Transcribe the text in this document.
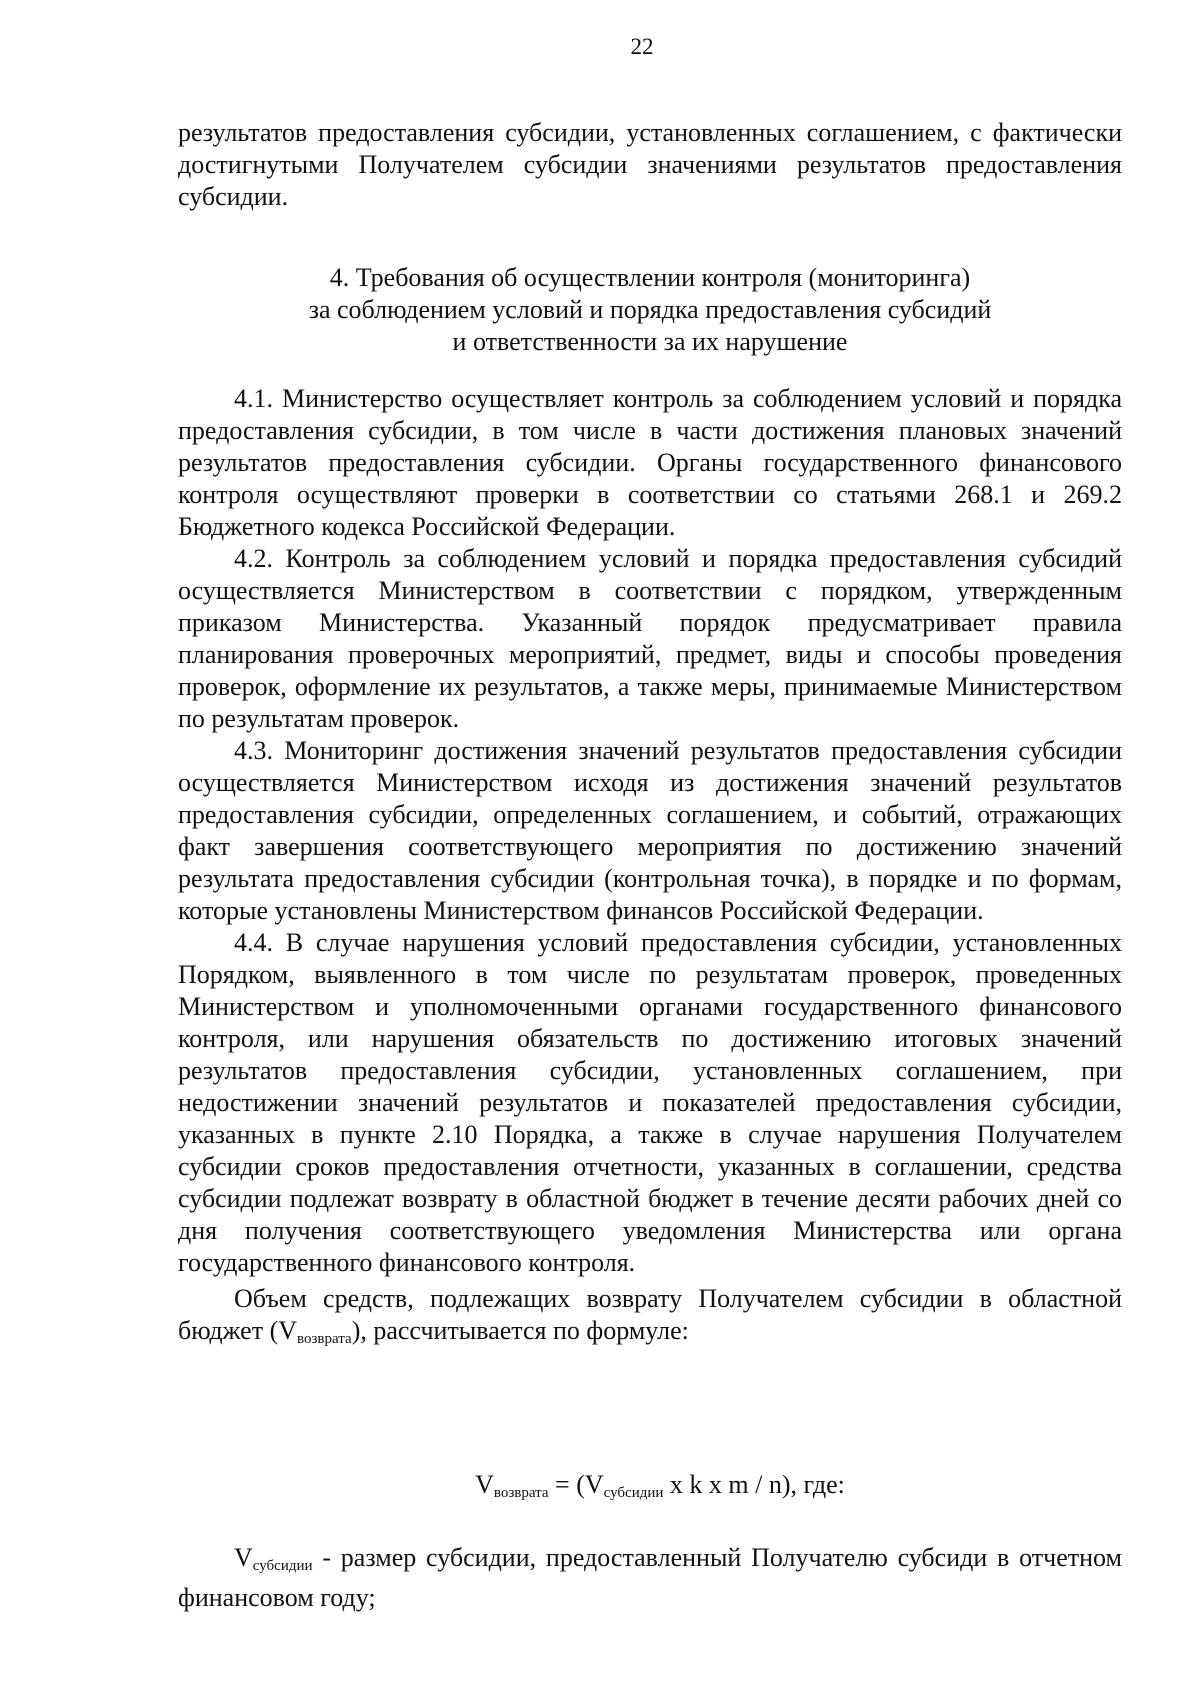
22

результатов предоставления субсидии, установленных соглашением, с фактически достигнутыми Получателем субсидии значениями результатов предоставления субсидии.

4. Требования об осуществлении контроля (мониторинга)
за соблюдением условий и порядка предоставления субсидий
и ответственности за их нарушение

4.1. Министерство осуществляет контроль за соблюдением условий и порядка предоставления субсидии, в том числе в части достижения плановых значений результатов предоставления субсидии. Органы государственного финансового контроля осуществляют проверки в соответствии со статьями 268.1 и 269.2 Бюджетного кодекса Российской Федерации.

4.2. Контроль за соблюдением условий и порядка предоставления субсидий осуществляется Министерством в соответствии с порядком, утвержденным приказом Министерства. Указанный порядок предусматривает правила планирования проверочных мероприятий, предмет, виды и способы проведения проверок, оформление их результатов, а также меры, принимаемые Министерством по результатам проверок.

4.3. Мониторинг достижения значений результатов предоставления субсидии осуществляется Министерством исходя из достижения значений результатов предоставления субсидии, определенных соглашением, и событий, отражающих факт завершения соответствующего мероприятия по достижению значений результата предоставления субсидии (контрольная точка), в порядке и по формам, которые установлены Министерством финансов Российской Федерации.

4.4. В случае нарушения условий предоставления субсидии, установленных Порядком, выявленного в том числе по результатам проверок, проведенных Министерством и уполномоченными органами государственного финансового контроля, или нарушения обязательств по достижению итоговых значений результатов предоставления субсидии, установленных соглашением, при недостижении значений результатов и показателей предоставления субсидии, указанных в пункте 2.10 Порядка, а также в случае нарушения Получателем субсидии сроков предоставления отчетности, указанных в соглашении, средства субсидии подлежат возврату в областной бюджет в течение десяти рабочих дней со дня получения соответствующего уведомления Министерства или органа государственного финансового контроля.

Объем средств, подлежащих возврату Получателем субсидии в областной бюджет $(V_{возврата})$, рассчитывается по формуле:

$V_{возврата} = (V_{субсидии}$ x k x m / n), где:

$V_{субсидии}$ - размер субсидии, предоставленный Получателю субсиди в отчетном финансовом году;
